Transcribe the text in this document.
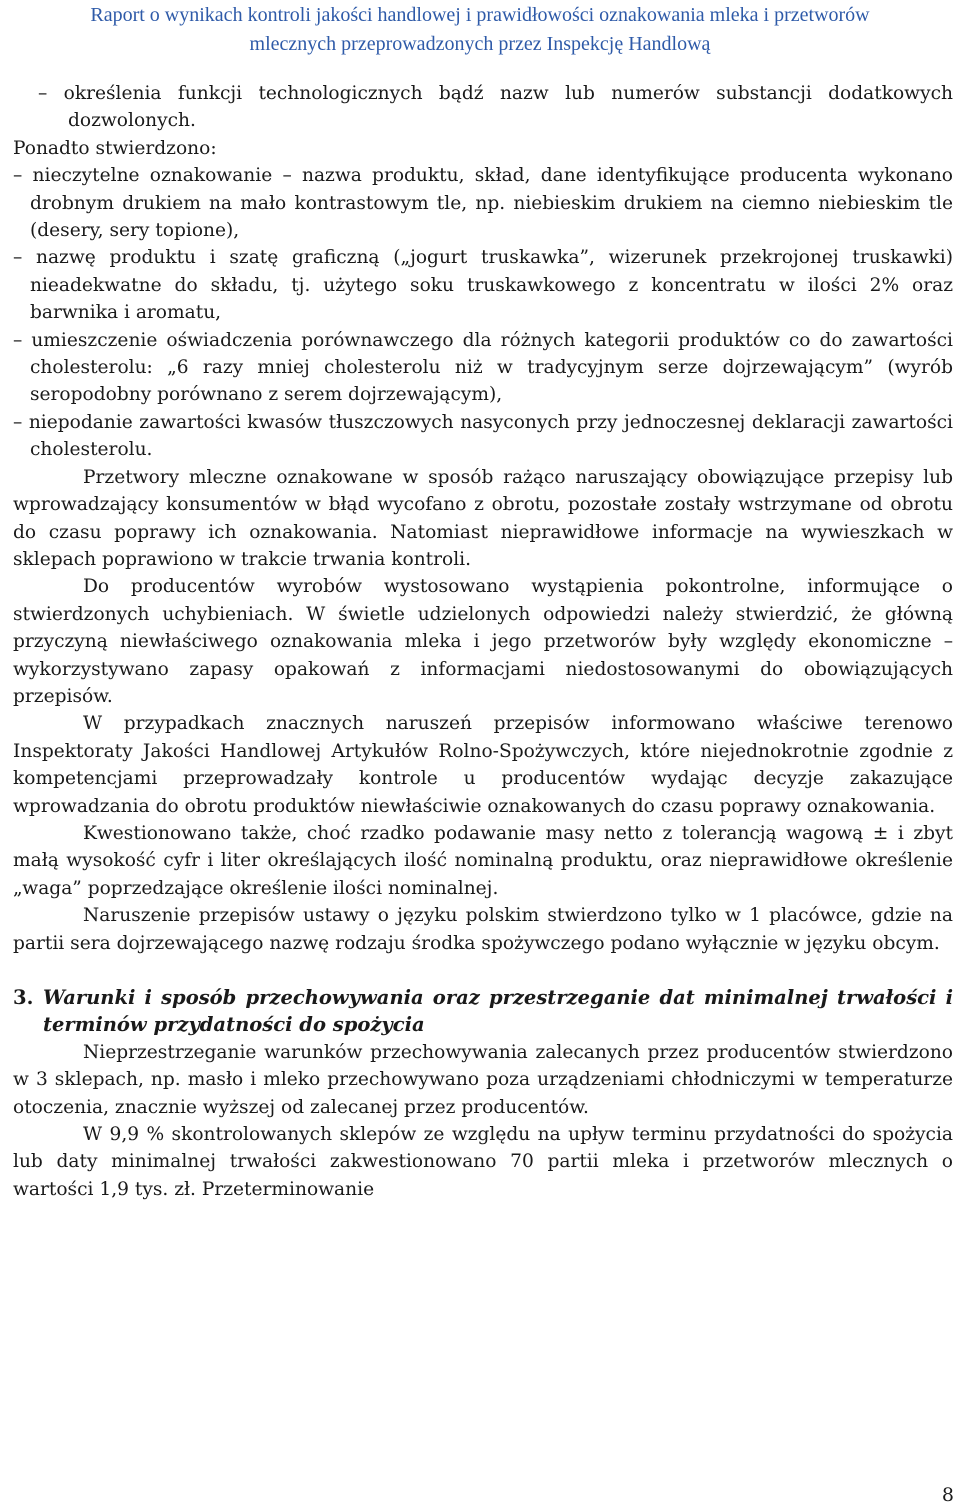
Raport o wynikach kontroli jakości handlowej i prawidłowości oznakowania mleka i przetworów
mlecznych przeprowadzonych przez Inspekcję Handlową

– określenia funkcji technologicznych bądź nazw lub numerów substancji dodatkowych dozwolonych.

Ponadto stwierdzono:

– nieczytelne oznakowanie – nazwa produktu, skład, dane identyfikujące producenta wykonano drobnym drukiem na mało kontrastowym tle, np. niebieskim drukiem na ciemno niebieskim tle (desery, sery topione),

– nazwę produktu i szatę graficzną („jogurt truskawka”, wizerunek przekrojonej truskawki) nieadekwatne do składu, tj. użytego soku truskawkowego z koncentratu w ilości 2% oraz barwnika i aromatu,

– umieszczenie oświadczenia porównawczego dla różnych kategorii produktów co do zawartości cholesterolu: „6 razy mniej cholesterolu niż w tradycyjnym serze dojrzewającym” (wyrób seropodobny porównano z serem dojrzewającym),

– niepodanie zawartości kwasów tłuszczowych nasyconych przy jednoczesnej deklaracji zawartości cholesterolu.

Przetwory mleczne oznakowane w sposób rażąco naruszający obowiązujące przepisy lub wprowadzający konsumentów w błąd wycofano z obrotu, pozostałe zostały wstrzymane od obrotu do czasu poprawy ich oznakowania. Natomiast nieprawidłowe informacje na wywieszkach w sklepach poprawiono w trakcie trwania kontroli.

Do producentów wyrobów wystosowano wystąpienia pokontrolne, informujące o stwierdzonych uchybieniach. W świetle udzielonych odpowiedzi należy stwierdzić, że główną przyczyną niewłaściwego oznakowania mleka i jego przetworów były względy ekonomiczne – wykorzystywano zapasy opakowań z informacjami niedostosowanymi do obowiązujących przepisów.

W przypadkach znacznych naruszeń przepisów informowano właściwe terenowo Inspektoraty Jakości Handlowej Artykułów Rolno-Spożywczych, które niejednokrotnie zgodnie z kompetencjami przeprowadzały kontrole u producentów wydając decyzje zakazujące wprowadzania do obrotu produktów niewłaściwie oznakowanych do czasu poprawy oznakowania.

Kwestionowano także, choć rzadko podawanie masy netto z tolerancją wagową ± i zbyt małą wysokość cyfr i liter określających ilość nominalną produktu, oraz nieprawidłowe określenie „waga” poprzedzające określenie ilości nominalnej.

Naruszenie przepisów ustawy o języku polskim stwierdzono tylko w 1 placówce, gdzie na partii sera dojrzewającego nazwę rodzaju środka spożywczego podano wyłącznie w języku obcym.

3. Warunki i sposób przechowywania oraz przestrzeganie dat minimalnej trwałości i terminów przydatności do spożycia

Nieprzestrzeganie warunków przechowywania zalecanych przez producentów stwierdzono w 3 sklepach, np. masło i mleko przechowywano poza urządzeniami chłodniczymi w temperaturze otoczenia, znacznie wyższej od zalecanej przez producentów.

W 9,9 % skontrolowanych sklepów ze względu na upływ terminu przydatności do spożycia lub daty minimalnej trwałości zakwestionowano 70 partii mleka i przetworów mlecznych o wartości 1,9 tys. zł. Przeterminowanie

8
